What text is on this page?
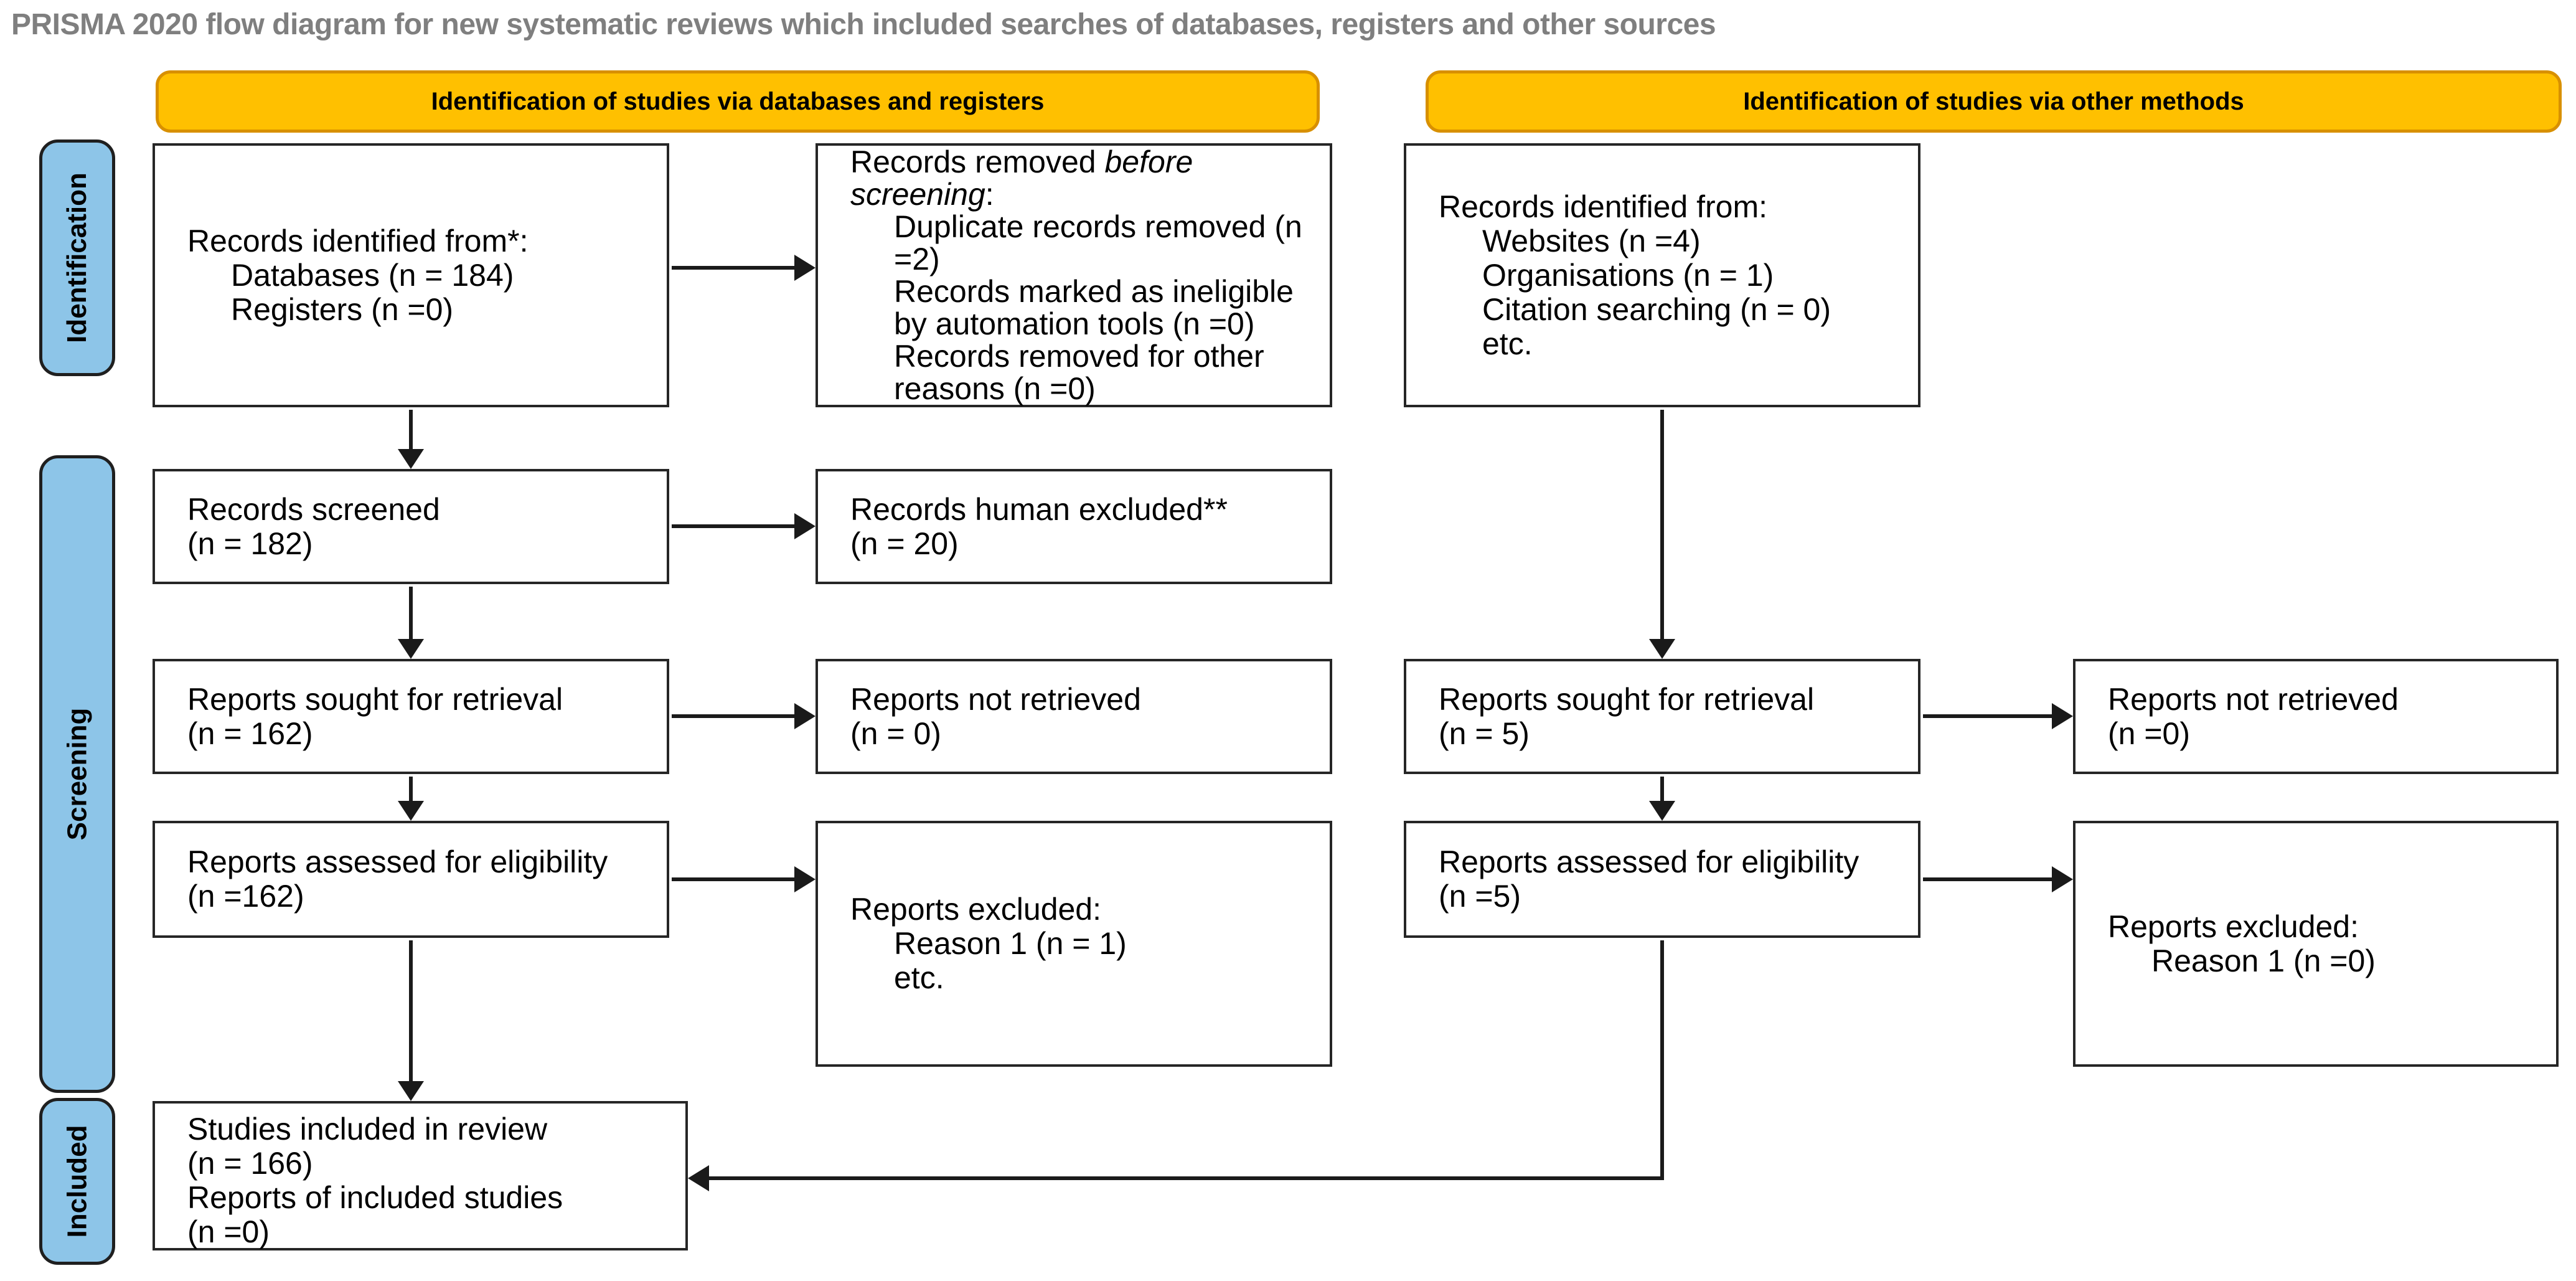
PRISMA 2020 flow diagram for new systematic reviews which included searches of databases, registers and other sources
Identification of studies via databases and registers	Identification of studies via other methods
Identification
Screening
Included
Records identified from*:
Databases (n = 184)
Registers (n =0)
Records removed before screening:
Duplicate records removed (n =2)
Records marked as ineligible by automation tools (n =0)
Records removed for other reasons (n =0)
Records identified from:
Websites (n =4)
Organisations (n = 1)
Citation searching (n = 0)
etc.
Records screened
(n = 182)
Records human excluded**
(n = 20)
Reports sought for retrieval
(n = 162)
Reports not retrieved
(n = 0)
Reports sought for retrieval
(n = 5)
Reports not retrieved
(n =0)
Reports assessed for eligibility
(n =162)	Reports excluded:
Reason 1 (n = 1)
etc.
Reports assessed for eligibility
(n =5)
Reports excluded:
Reason 1 (n =0)
Studies included in review
(n = 166)
Reports of included studies
(n =0)
